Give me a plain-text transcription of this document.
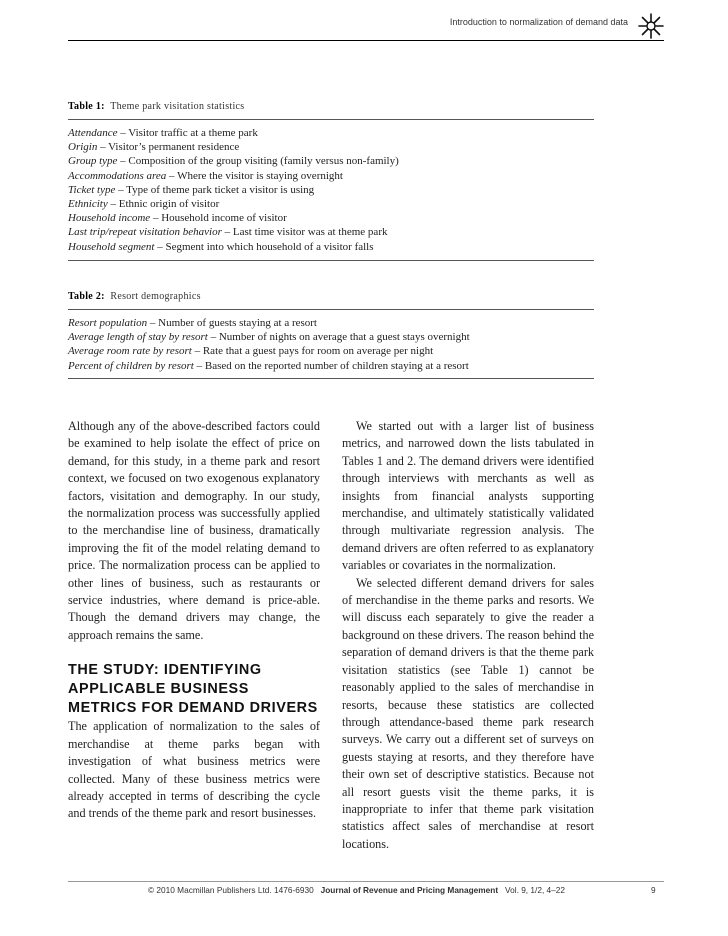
Introduction to normalization of demand data
Table 1: Theme park visitation statistics
Attendance – Visitor traffic at a theme park
Origin – Visitor’s permanent residence
Group type – Composition of the group visiting (family versus non-family)
Accommodations area – Where the visitor is staying overnight
Ticket type – Type of theme park ticket a visitor is using
Ethnicity – Ethnic origin of visitor
Household income – Household income of visitor
Last trip/repeat visitation behavior – Last time visitor was at theme park
Household segment – Segment into which household of a visitor falls
Table 2: Resort demographics
Resort population – Number of guests staying at a resort
Average length of stay by resort – Number of nights on average that a guest stays overnight
Average room rate by resort – Rate that a guest pays for room on average per night
Percent of children by resort – Based on the reported number of children staying at a resort

Although any of the above-described factors could be examined to help isolate the effect of price on demand, for this study, in a theme park and resort context, we focused on two exogenous explanatory factors, visitation and demography. In our study, the normalization process was successfully applied to the merchandise line of business, dramatically improving the fit of the model relating demand to price. The normalization process can be applied to other lines of business, such as restaurants or service industries, where demand is price-able. Though the demand drivers may change, the approach remains the same.

THE STUDY: IDENTIFYING APPLICABLE BUSINESS METRICS FOR DEMAND DRIVERS

The application of normalization to the sales of merchandise at theme parks began with investigation of what business metrics were collected. Many of these business metrics were already accepted in terms of describing the cycle and trends of the theme park and resort businesses.

We started out with a larger list of business metrics, and narrowed down the lists tabulated in Tables 1 and 2. The demand drivers were identified through interviews with merchants as well as insights from financial analysts supporting merchandise, and ultimately statistically validated through multivariate regression analysis. The demand drivers are often referred to as explanatory variables or covariates in the normalization.

We selected different demand drivers for sales of merchandise in the theme parks and resorts. We will discuss each separately to give the reader a background on these drivers. The reason behind the separation of demand drivers is that the theme park visitation statistics (see Table 1) cannot be reasonably applied to the sales of merchandise in resorts, because these statistics are collected through attendance-based theme park research surveys. We carry out a different set of surveys on guests staying at resorts, and they therefore have their own set of descriptive statistics. Because not all resort guests visit the theme parks, it is inappropriate to infer that theme park visitation statistics affect sales of merchandise at resort locations.

© 2010 Macmillan Publishers Ltd. 1476-6930 Journal of Revenue and Pricing Management Vol. 9, 1/2, 4–22	9
